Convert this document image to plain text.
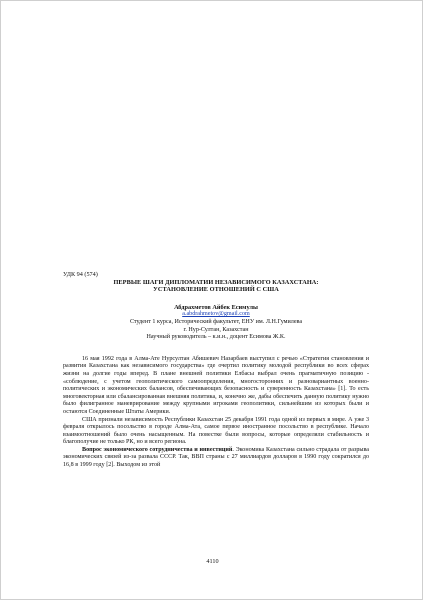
УДК 94 (574)
ПЕРВЫЕ ШАГИ ДИПЛОМАТИИ НЕЗАВИСИМОГО КАЗАХСТАНА:
УСТАНОВЛЕНИЕ ОТНОШЕНИЙ С США
Абдрахметов Айбек Есимулы
a.abdrahmetov@gmail.com
Студент 1 курса, Исторический факультет, ЕНУ им. Л.Н.Гумилева
г. Нур-Султан, Казахстан
Научный руководитель – к.и.н., доцент Есимова Ж.К.

16 мая 1992 года в Алма-Ате Нурсултан Абишевич Назарбаев выступил с речью «Стратегия становления и развития Казахстана как независимого государства» где очертил политику молодой республики во всех сферах жизни на долгие годы вперед. В плане внешней политики Елбасы выбрал очень прагматичную позицию - «соблюдение, с учетом геополитического самоопределения, многосторонних и разновариантных военно-политических и экономических балансов, обеспечивающих безопасность и суверенность Казахстана» [1]. То есть многовекторная или сбалансированная внешняя политика, и, конечно же, дабы обеспечить данную политику нужно было филигранное маневрирование между крупными игроками геополитики, сильнейшим из которых были и остаются Соединенные Штаты Америки.

США признали независимость Республики Казахстан 25 декабря 1991 года одной из первых в мире. А уже 3 февраля открылось посольство в городе Алма-Ата, самое первое иностранное посольство в республике. Начало взаимоотношений было очень насыщенным. На повестке были вопросы, которые определяли стабильность и благополучие не только РК, но и всего региона.

Вопрос экономического сотрудничества и инвестиций. Экономика Казахстана сильно страдала от разрыва экономических связей из-за развала СССР. Так, ВВП страны с 27 миллиардов долларов в 1990 году сократился до 16,8 в 1999 году [2]. Выходом из этой

4110
